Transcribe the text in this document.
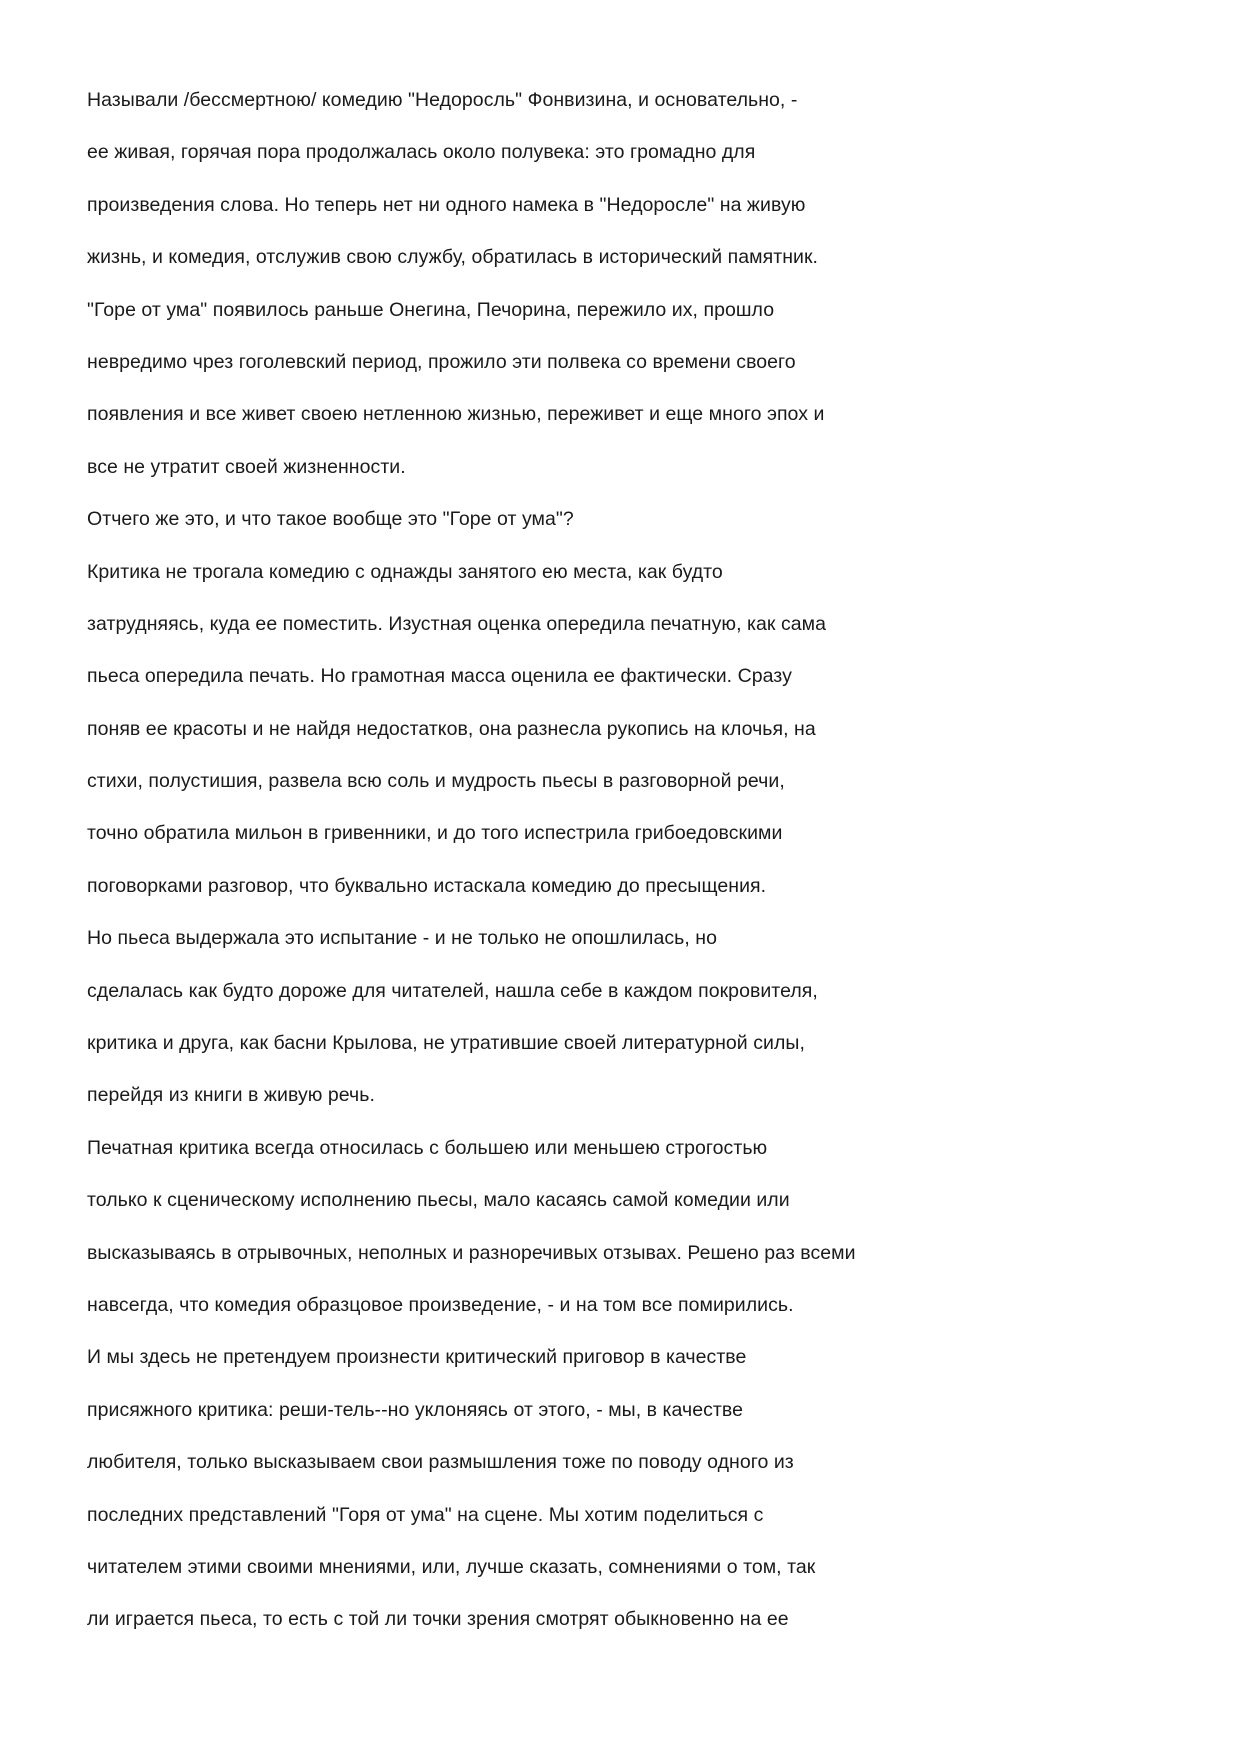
Называли /бессмертною/ комедию "Недоросль" Фонвизина, и основательно, -
ее живая, горячая пора продолжалась около полувека: это громадно для
произведения слова. Но теперь нет ни одного намека в "Недоросле" на живую
жизнь, и комедия, отслужив свою службу, обратилась в исторический памятник.
"Горе от ума" появилось раньше Онегина, Печорина, пережило их, прошло
невредимо чрез гоголевский период, прожило эти полвека со времени своего
появления и все живет своею нетленною жизнью, переживет и еще много эпох и
все не утратит своей жизненности.
Отчего же это, и что такое вообще это "Горе от ума"?
Критика не трогала комедию с однажды занятого ею места, как будто
затрудняясь, куда ее поместить. Изустная оценка опередила печатную, как сама
пьеса опередила печать. Но грамотная масса оценила ее фактически. Сразу
поняв ее красоты и не найдя недостатков, она разнесла рукопись на клочья, на
стихи, полустишия, развела всю соль и мудрость пьесы в разговорной речи,
точно обратила мильон в гривенники, и до того испестрила грибоедовскими
поговорками разговор, что буквально истаскала комедию до пресыщения.
Но пьеса выдержала это испытание - и не только не опошлилась, но
сделалась как будто дороже для читателей, нашла себе в каждом покровителя,
критика и друга, как басни Крылова, не утратившие своей литературной силы,
перейдя из книги в живую речь.
Печатная критика всегда относилась с большею или меньшею строгостью
только к сценическому исполнению пьесы, мало касаясь самой комедии или
высказываясь в отрывочных, неполных и разноречивых отзывах. Решено раз всеми
навсегда, что комедия образцовое произведение, - и на том все помирились.
И мы здесь не претендуем произнести критический приговор в качестве
присяжного критика: реши-тель--но уклоняясь от этого, - мы, в качестве
любителя, только высказываем свои размышления тоже по поводу одного из
последних представлений "Горя от ума" на сцене. Мы хотим поделиться с
читателем этими своими мнениями, или, лучше сказать, сомнениями о том, так
ли играется пьеса, то есть с той ли точки зрения смотрят обыкновенно на ее
